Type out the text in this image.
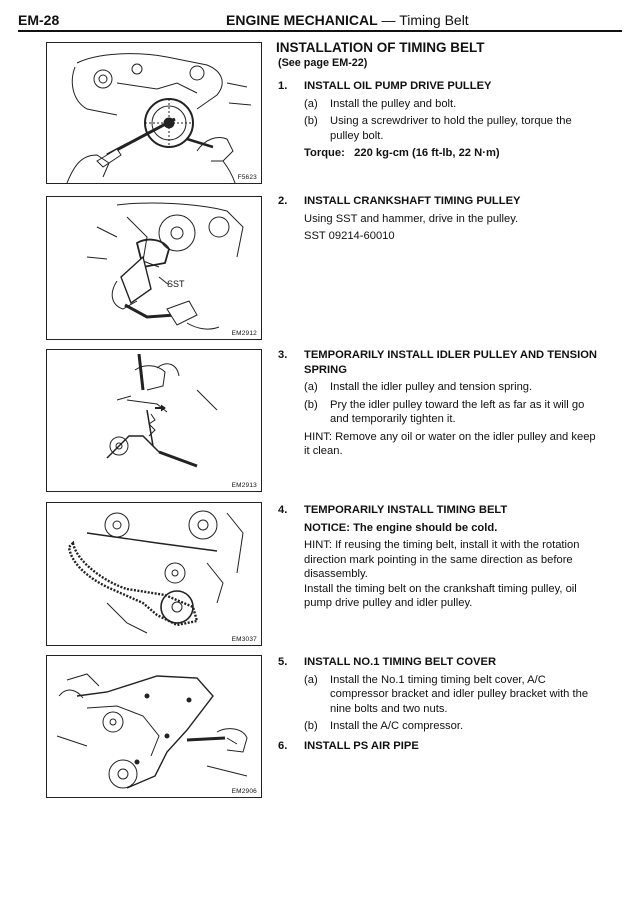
EM-28	ENGINE MECHANICAL — Timing Belt
F5623
SST
EM2912
EM2913
EM3037
EM2906
INSTALLATION OF TIMING BELT
(See page EM-22)
1. INSTALL OIL PUMP DRIVE PULLEY
(a) Install the pulley and bolt.
(b) Using a screwdriver to hold the pulley, torque the pulley bolt.
Torque: 220 kg-cm (16 ft-lb, 22 N·m)
2. INSTALL CRANKSHAFT TIMING PULLEY
Using SST and hammer, drive in the pulley.
SST 09214-60010
3. TEMPORARILY INSTALL IDLER PULLEY AND TENSION SPRING
(a) Install the idler pulley and tension spring.
(b) Pry the idler pulley toward the left as far as it will go and temporarily tighten it.
HINT: Remove any oil or water on the idler pulley and keep it clean.
4. TEMPORARILY INSTALL TIMING BELT
NOTICE: The engine should be cold.
HINT: If reusing the timing belt, install it with the rotation direction mark pointing in the same direction as before disassembly.
Install the timing belt on the crankshaft timing pulley, oil pump drive pulley and idler pulley.
5. INSTALL NO.1 TIMING BELT COVER
(a) Install the No.1 timing timing belt cover, A/C compressor bracket and idler pulley bracket with the nine bolts and two nuts.
(b) Install the A/C compressor.
6. INSTALL PS AIR PIPE
